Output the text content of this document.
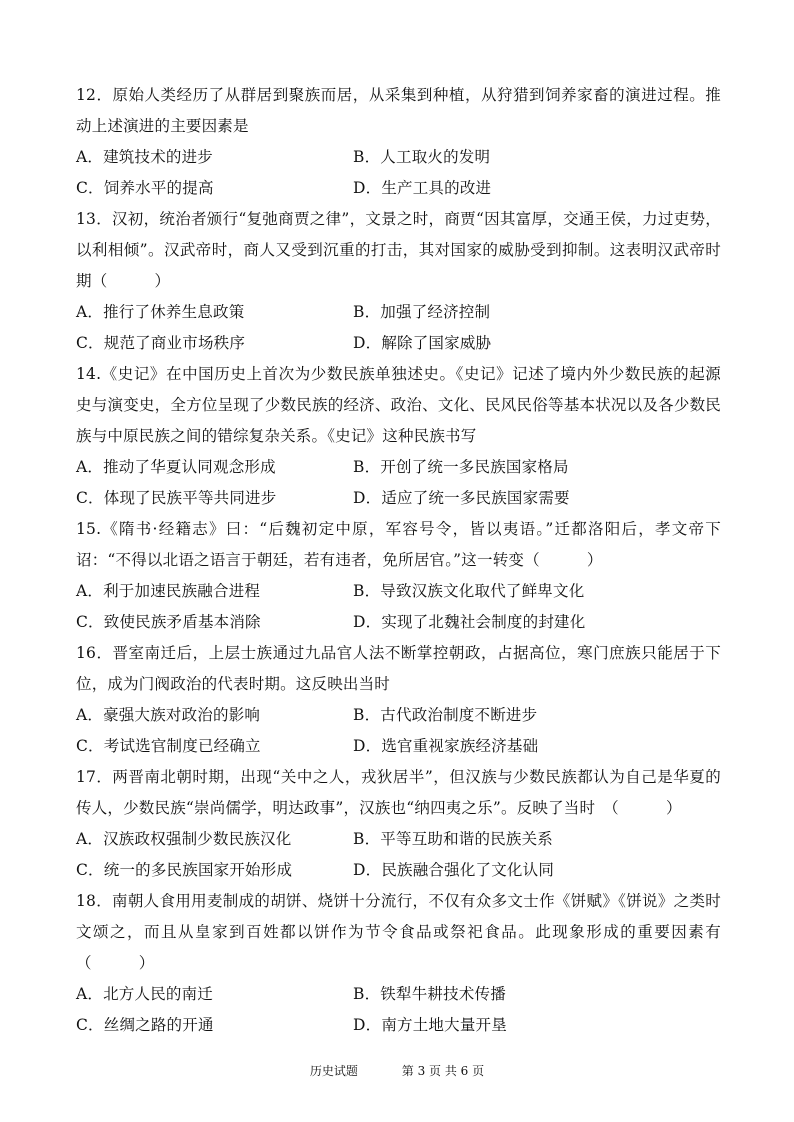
12．原始人类经历了从群居到聚族而居，从采集到种植，从狩猎到饲养家畜的演进过程。推动上述演进的主要因素是

A．建筑技术的进步	B．人工取火的发明
C．饲养水平的提高	D．生产工具的改进

13．汉初，统治者颁行“复弛商贾之律”，文景之时，商贾“因其富厚，交通王侯，力过吏势，以利相倾”。汉武帝时，商人又受到沉重的打击，其对国家的威胁受到抑制。这表明汉武帝时期（　　　）

A．推行了休养生息政策	B．加强了经济控制
C．规范了商业市场秩序	D．解除了国家威胁

14.《史记》在中国历史上首次为少数民族单独述史。《史记》记述了境内外少数民族的起源史与演变史，全方位呈现了少数民族的经济、政治、文化、民风民俗等基本状况以及各少数民族与中原民族之间的错综复杂关系。《史记》这种民族书写

A．推动了华夏认同观念形成	B．开创了统一多民族国家格局
C．体现了民族平等共同进步	D．适应了统一多民族国家需要

15.《隋书·经籍志》曰：“后魏初定中原，军容号令，皆以夷语。”迁都洛阳后，孝文帝下诏：“不得以北语之语言于朝廷，若有违者，免所居官。”这一转变（　　　）

A．利于加速民族融合进程	B．导致汉族文化取代了鲜卑文化
C．致使民族矛盾基本消除	D．实现了北魏社会制度的封建化

16．晋室南迁后，上层士族通过九品官人法不断掌控朝政，占据高位，寒门庶族只能居于下位，成为门阀政治的代表时期。这反映出当时

A．豪强大族对政治的影响	B．古代政治制度不断进步
C．考试选官制度已经确立	D．选官重视家族经济基础

17．两晋南北朝时期，出现“关中之人，戎狄居半”，但汉族与少数民族都认为自己是华夏的传人，少数民族“崇尚儒学，明达政事”，汉族也“纳四夷之乐”。反映了当时　（　　　）

A．汉族政权强制少数民族汉化	B．平等互助和谐的民族关系
C．统一的多民族国家开始形成	D．民族融合强化了文化认同

18．南朝人食用用麦制成的胡饼、烧饼十分流行，不仅有众多文士作《饼赋》《饼说》之类时文颂之，而且从皇家到百姓都以饼作为节令食品或祭祀食品。此现象形成的重要因素有（　　　）

A．北方人民的南迁	B．铁犁牛耕技术传播
C．丝绸之路的开通	D．南方土地大量开垦
历史试题	第 3 页 共 6 页
